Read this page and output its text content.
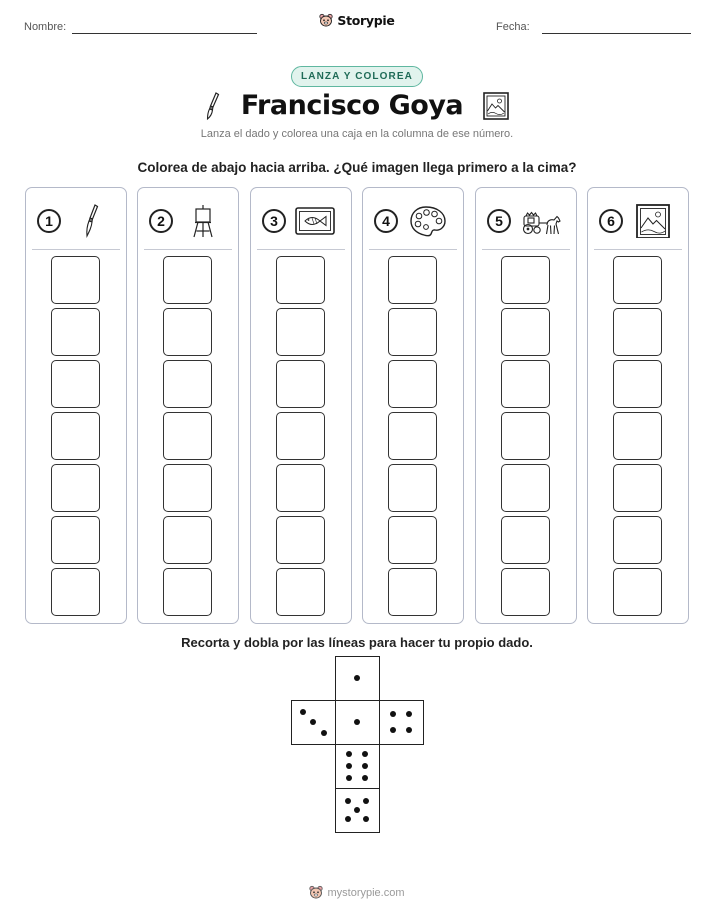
Nombre:	Storypie	Fecha:
LANZA Y COLOREA
Francisco Goya
Lanza el dado y colorea una caja en la columna de ese número.
Colorea de abajo hacia arriba. ¿Qué imagen llega primero a la cima?
1	2	3	4	5	6
Recorta y dobla por las líneas para hacer tu propio dado.
mystorypie.com
